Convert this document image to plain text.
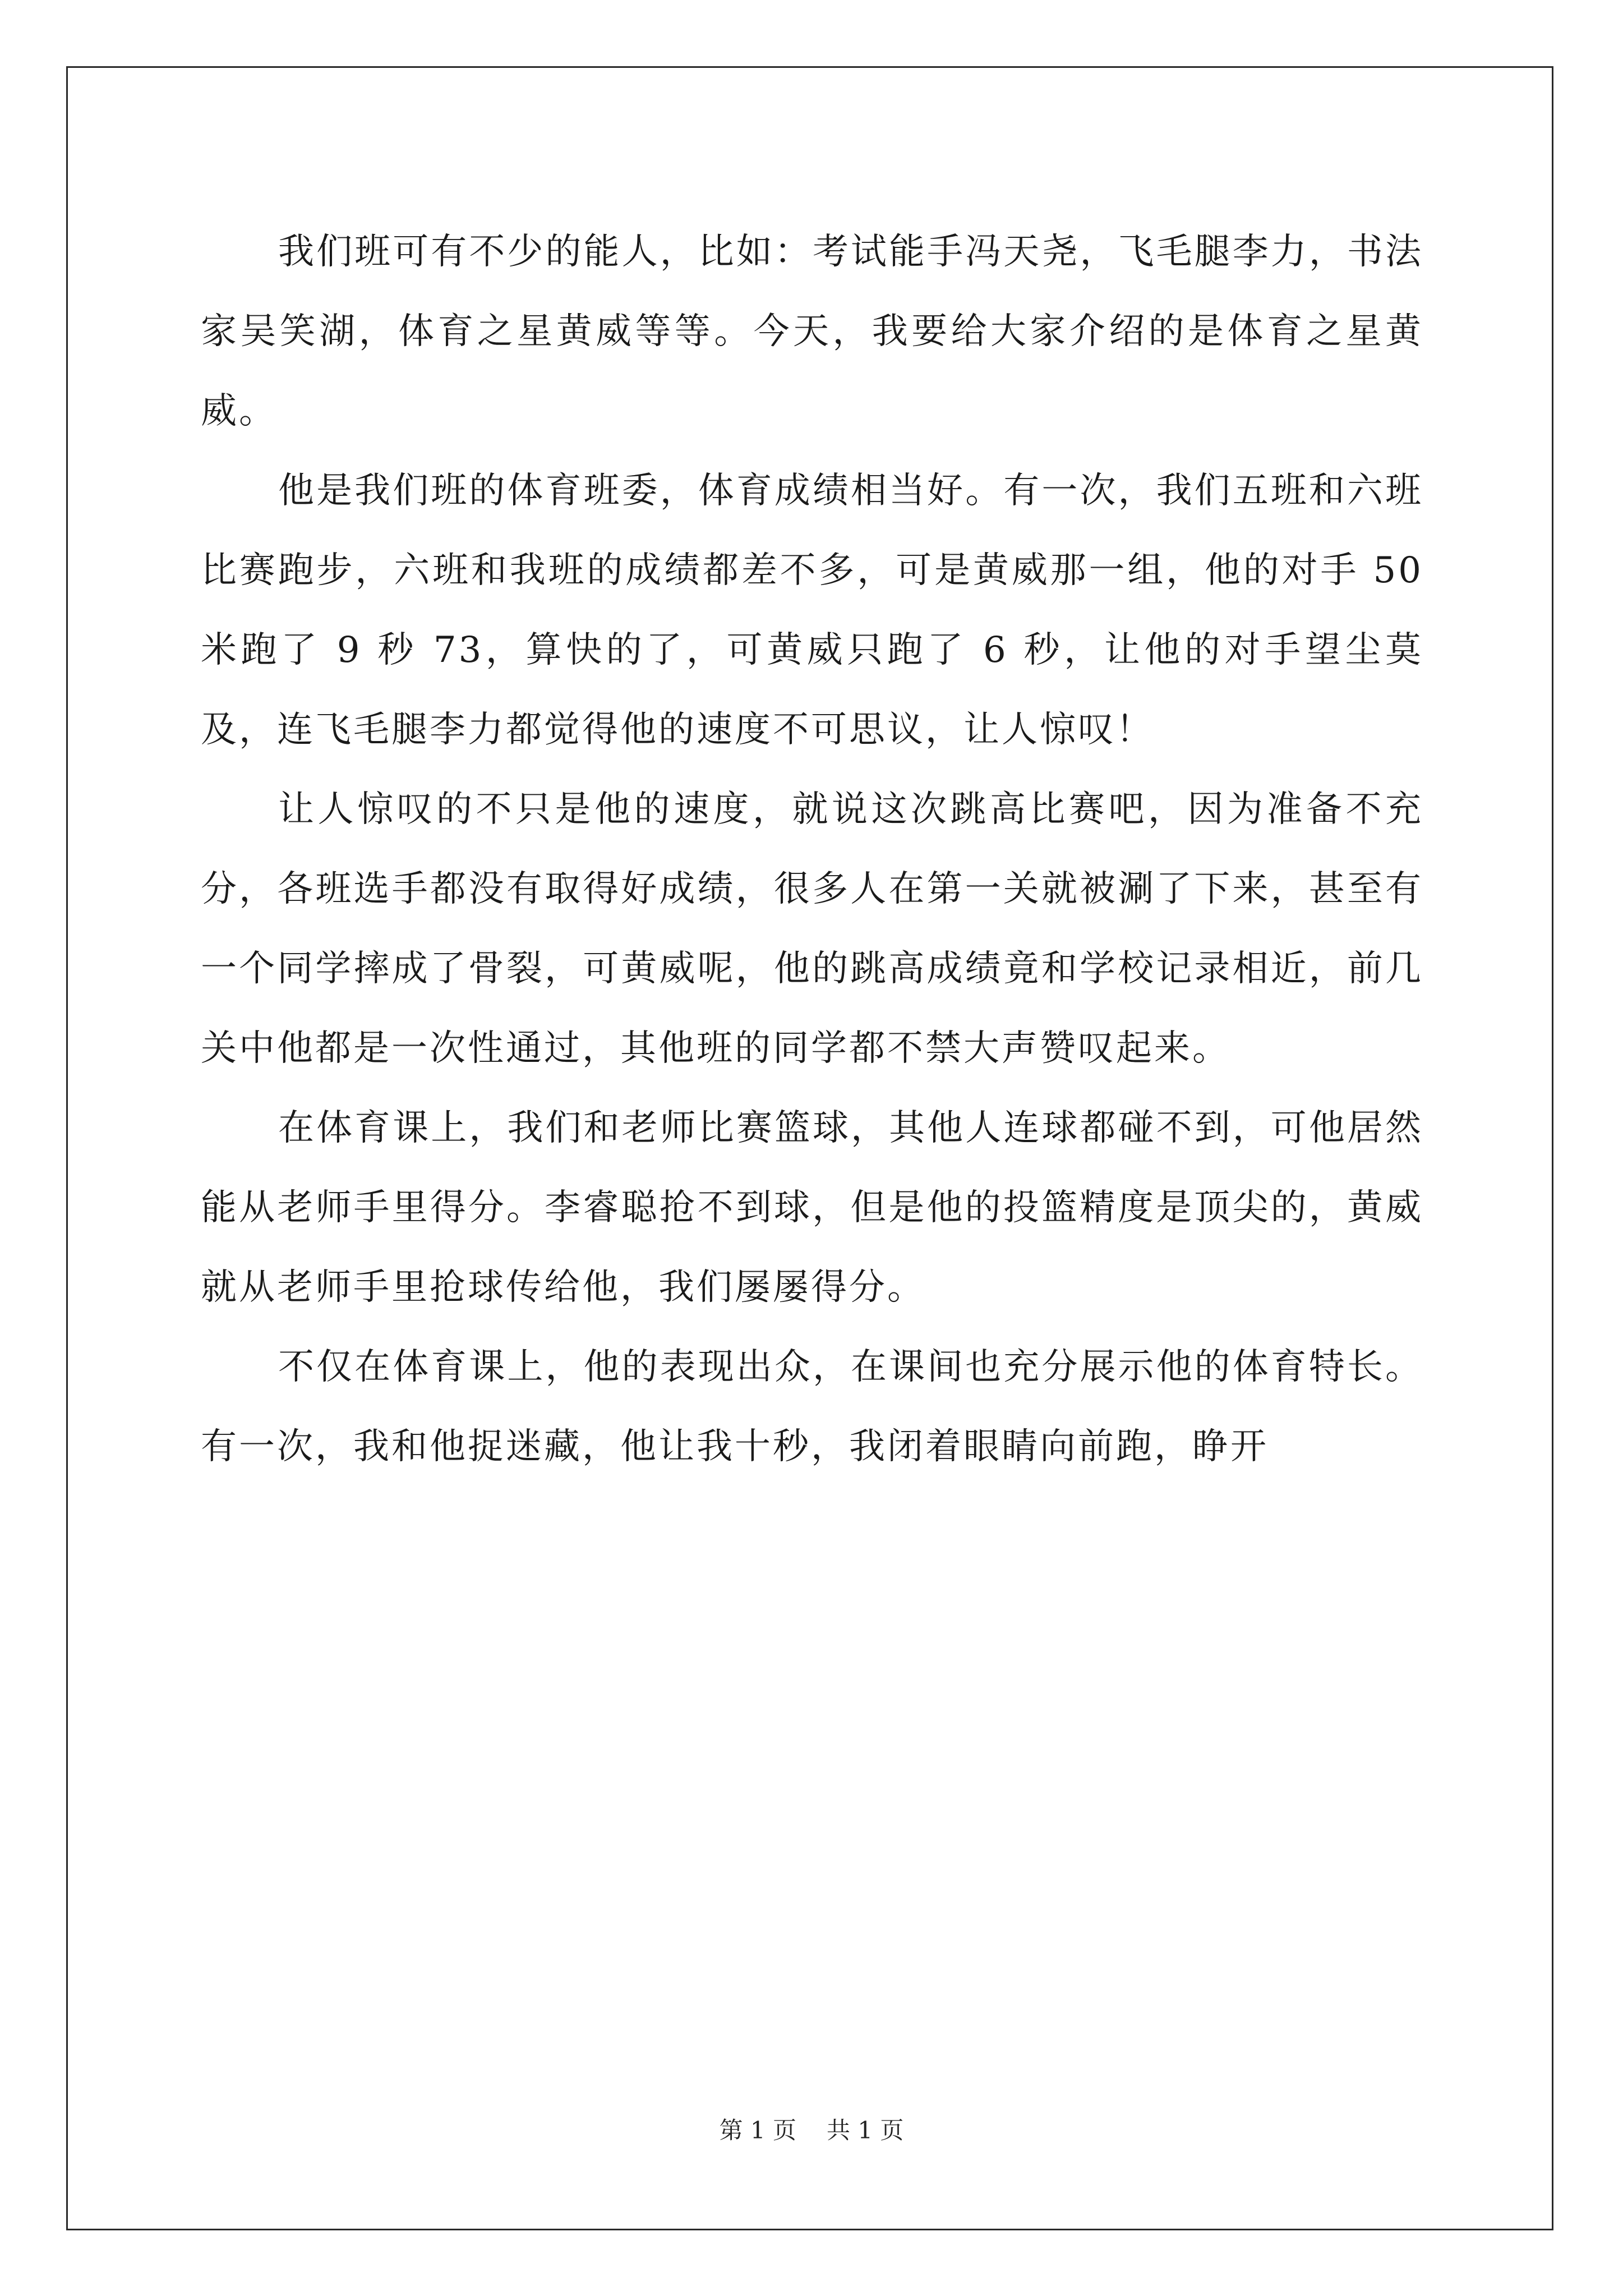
我们班可有不少的能人，比如：考试能手冯天尧，飞毛腿李力，书法家吴笑湖，体育之星黄威等等。今天，我要给大家介绍的是体育之星黄威。

他是我们班的体育班委，体育成绩相当好。有一次，我们五班和六班比赛跑步，六班和我班的成绩都差不多，可是黄威那一组，他的对手 50 米跑了 9 秒 73，算快的了，可黄威只跑了 6 秒，让他的对手望尘莫及，连飞毛腿李力都觉得他的速度不可思议，让人惊叹！

让人惊叹的不只是他的速度，就说这次跳高比赛吧，因为准备不充分，各班选手都没有取得好成绩，很多人在第一关就被涮了下来，甚至有一个同学摔成了骨裂，可黄威呢，他的跳高成绩竟和学校记录相近，前几关中他都是一次性通过，其他班的同学都不禁大声赞叹起来。

在体育课上，我们和老师比赛篮球，其他人连球都碰不到，可他居然能从老师手里得分。李睿聪抢不到球，但是他的投篮精度是顶尖的，黄威就从老师手里抢球传给他，我们屡屡得分。

不仅在体育课上，他的表现出众，在课间也充分展示他的体育特长。有一次，我和他捉迷藏，他让我十秒，我闭着眼睛向前跑，睁开

第 1 页 共 1 页
